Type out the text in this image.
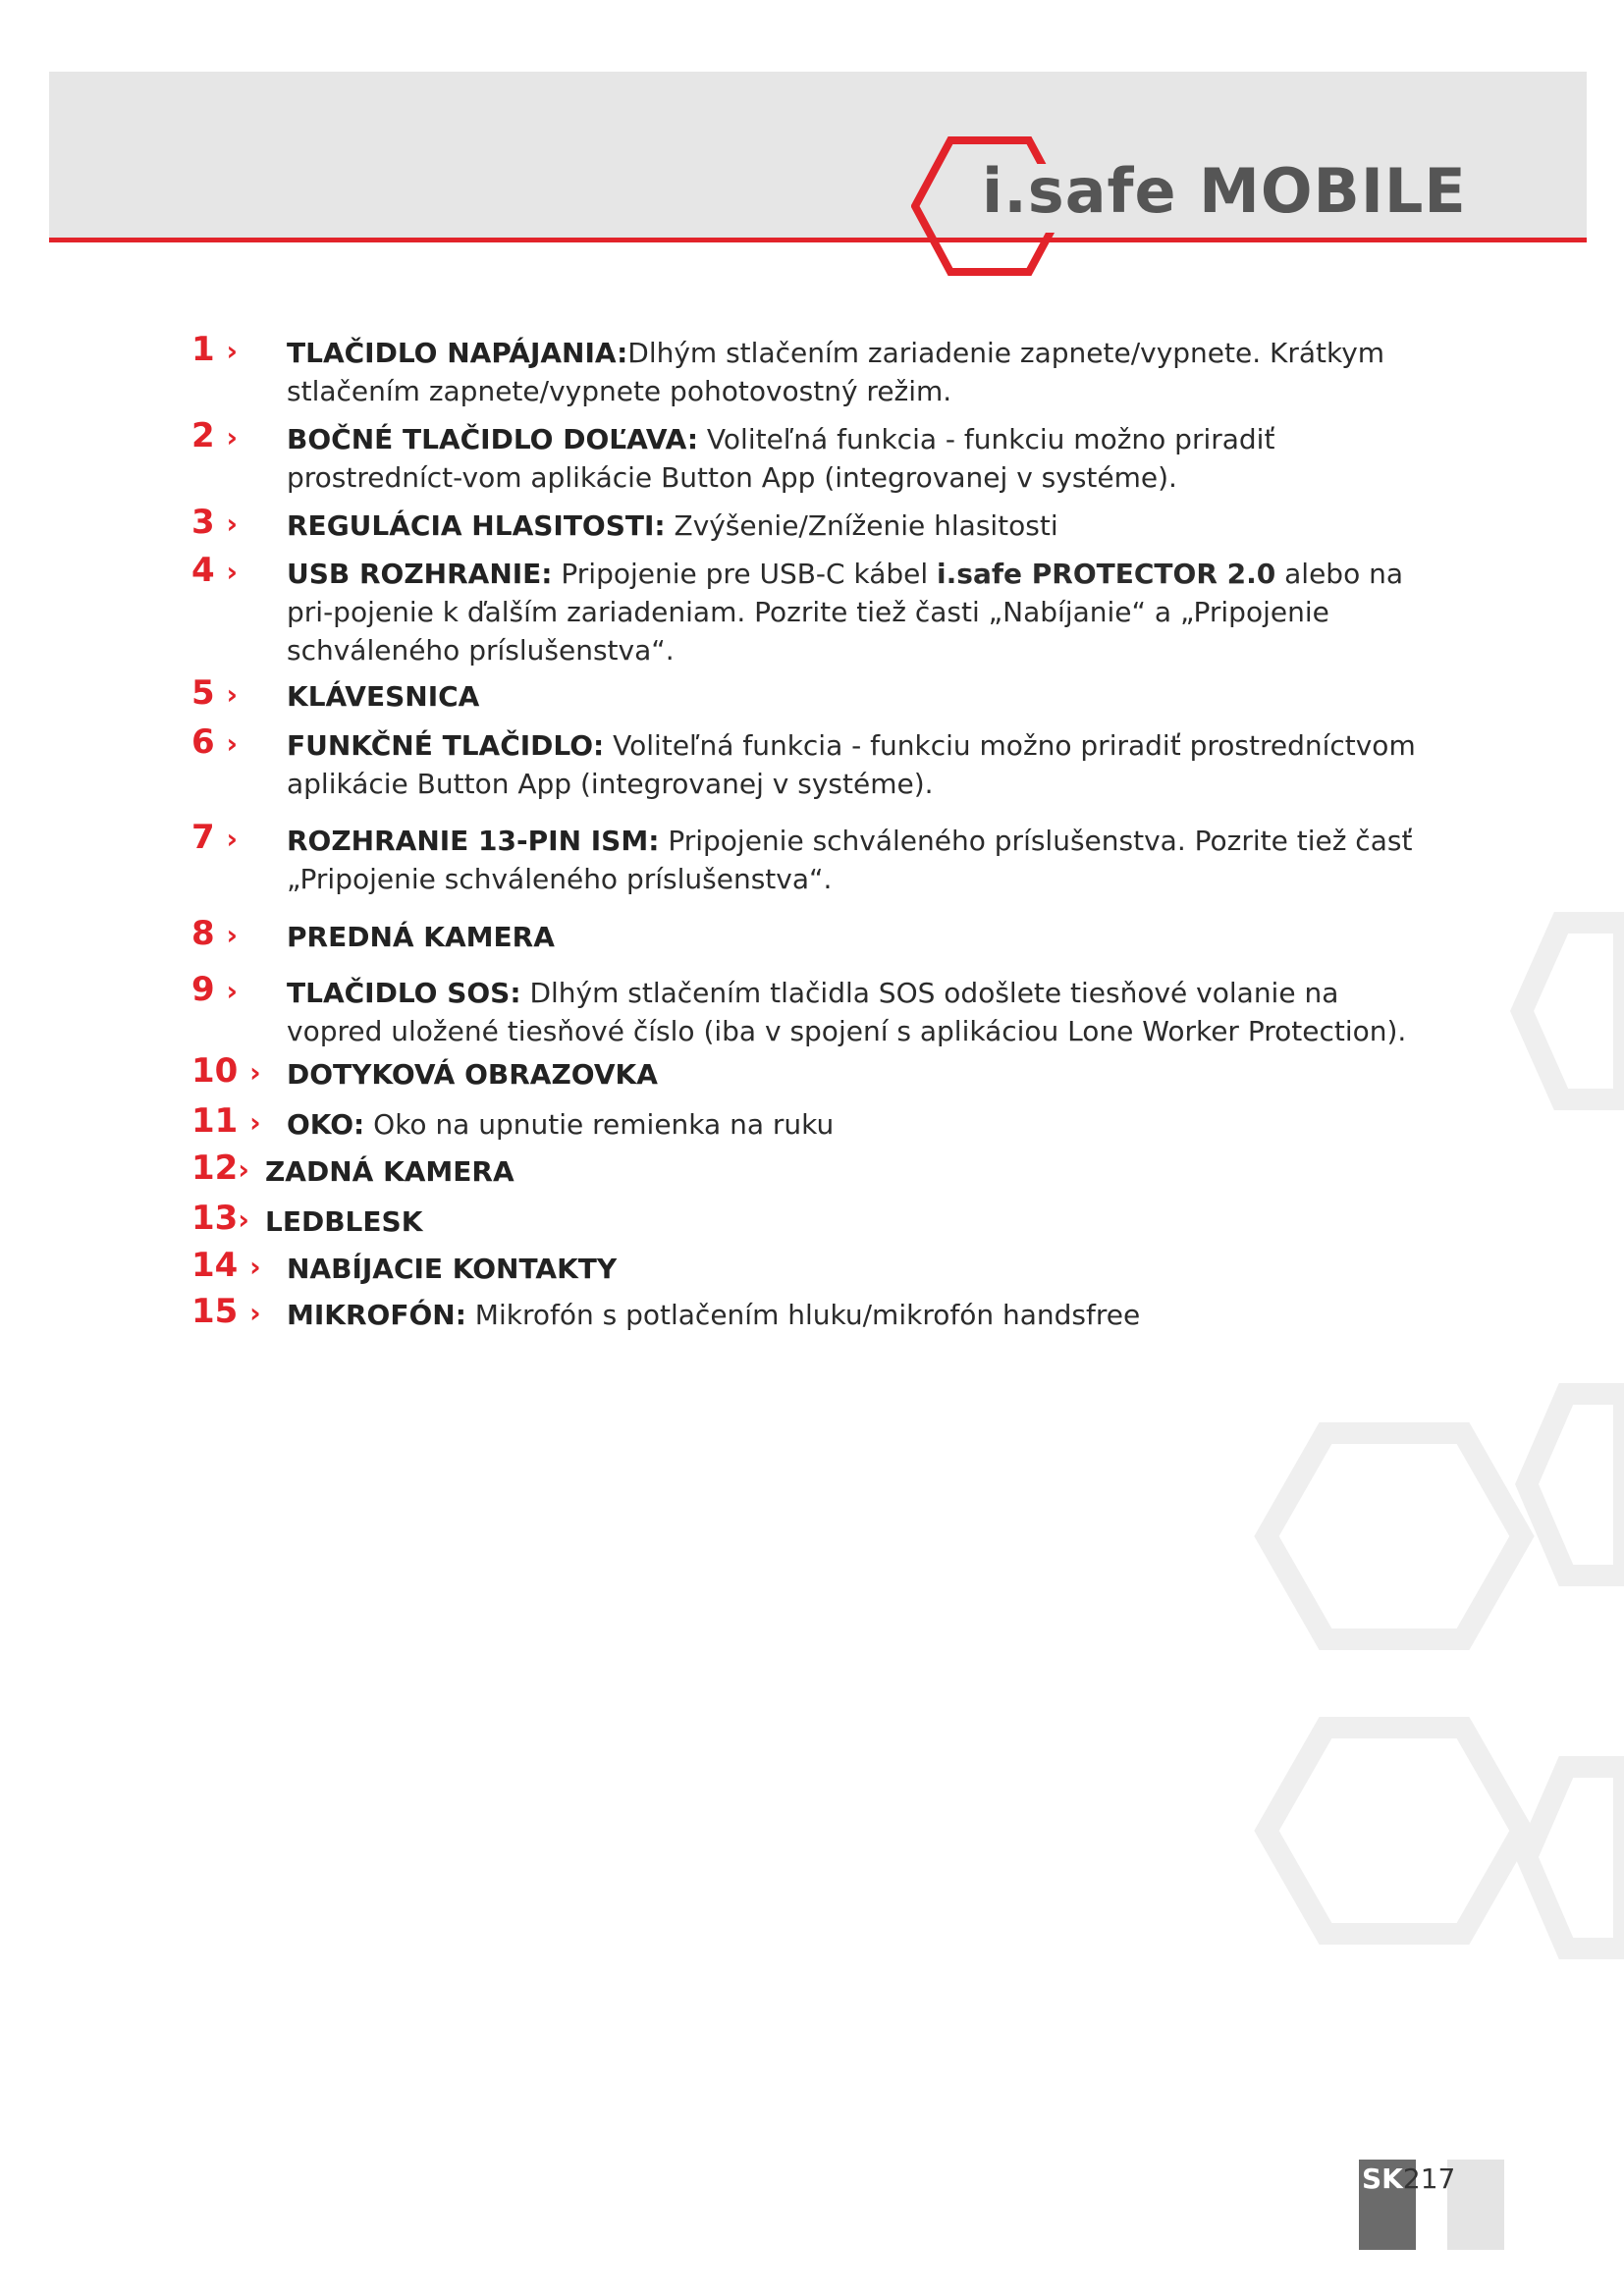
i.safe MOBILE
1 › TLAČIDLO NAPÁJANIA:Dlhým stlačením zariadenie zapnete/vypnete. Krátkym stlačením zapnete/vypnete pohotovostný režim.
2 › BOČNÉ TLAČIDLO DOĽAVA: Voliteľná funkcia - funkciu možno priradiť prostredníct-vom aplikácie Button App (integrovanej v systéme).
3 › REGULÁCIA HLASITOSTI: Zvýšenie/Zníženie hlasitosti
4 › USB ROZHRANIE: Pripojenie pre USB-C kábel i.safe PROTECTOR 2.0 alebo na pri-pojenie k ďalším zariadeniam. Pozrite tiež časti „Nabíjanie“ a „Pripojenie schváleného príslušenstva“.
5 › KLÁVESNICA
6 › FUNKČNÉ TLAČIDLO: Voliteľná funkcia - funkciu možno priradiť prostredníctvom aplikácie Button App (integrovanej v systéme).
7 › ROZHRANIE 13-PIN ISM: Pripojenie schváleného príslušenstva. Pozrite tiež časť „Pripojenie schváleného príslušenstva“.
8 › PREDNÁ KAMERA
9 › TLAČIDLO SOS: Dlhým stlačením tlačidla SOS odošlete tiesňové volanie na vopred uložené tiesňové číslo (iba v spojení s aplikáciou Lone Worker Protection).
10 › DOTYKOVÁ OBRAZOVKA
11 › OKO: Oko na upnutie remienka na ruku
12› ZADNÁ KAMERA
13› LEDBLESK
14 › NABÍJACIE KONTAKTY
15 › MIKROFÓN: Mikrofón s potlačením hluku/mikrofón handsfree
SK217
